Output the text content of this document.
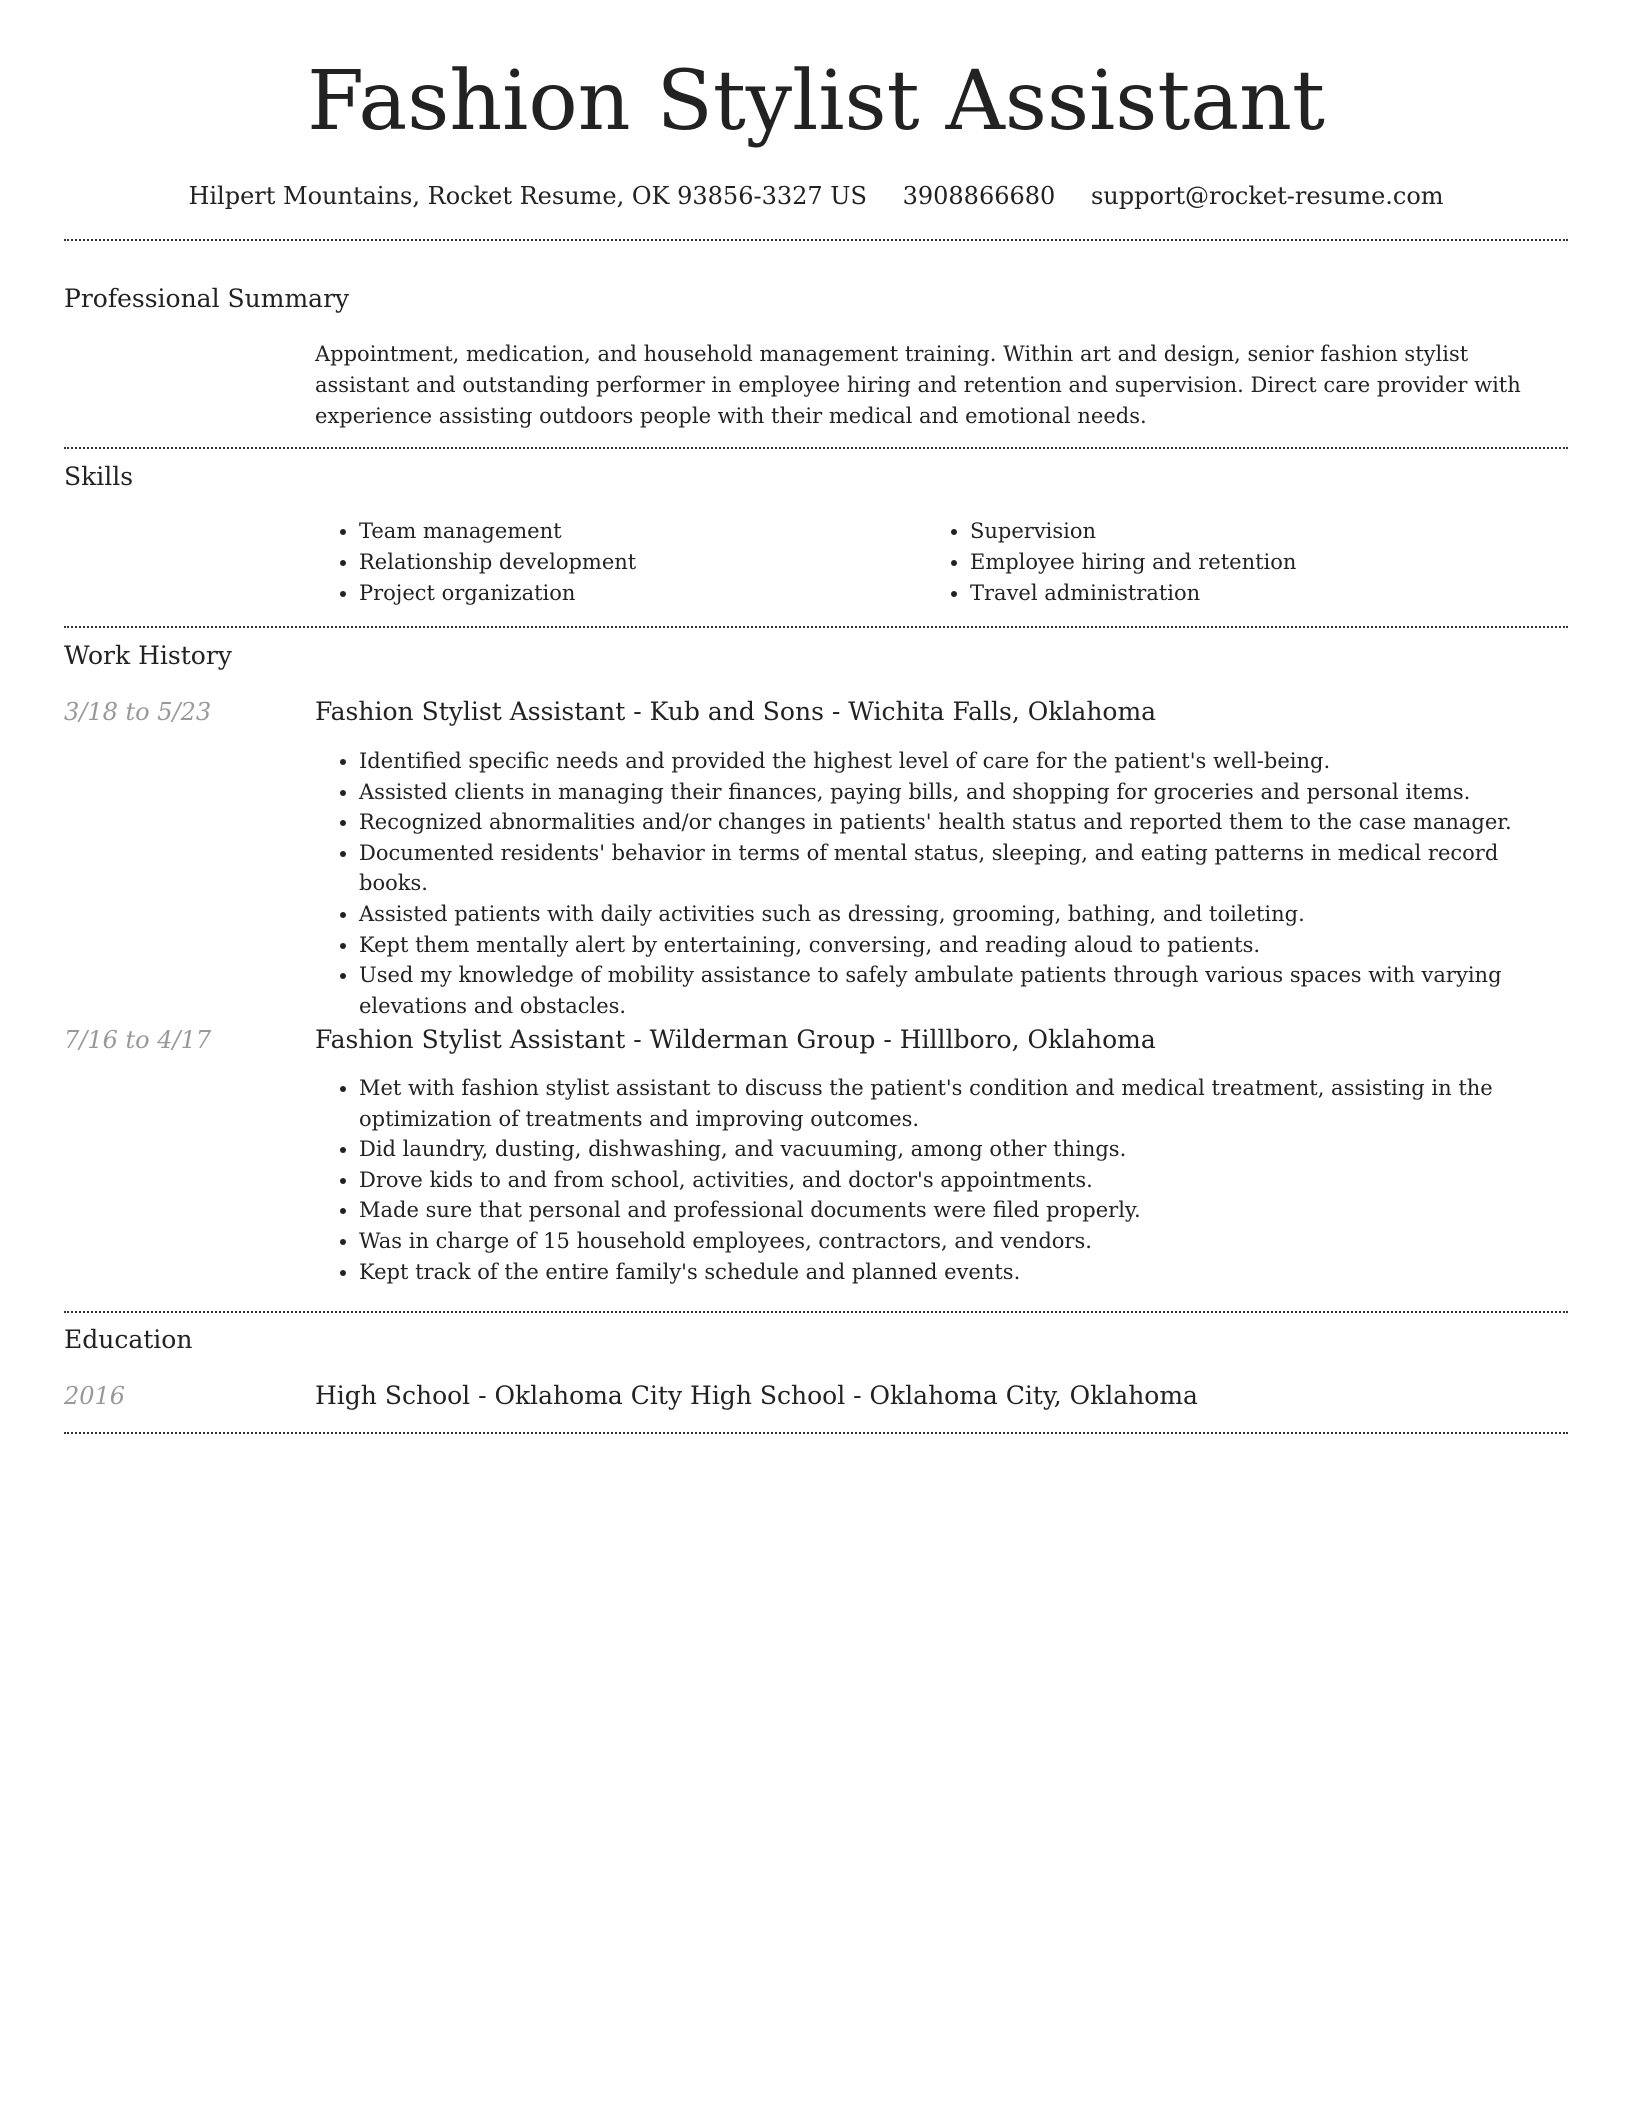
Fashion Stylist Assistant
Hilpert Mountains, Rocket Resume, OK 93856-3327 US 3908866680 support@rocket-resume.com
Professional Summary
Appointment, medication, and household management training. Within art and design, senior fashion stylist assistant and outstanding performer in employee hiring and retention and supervision. Direct care provider with experience assisting outdoors people with their medical and emotional needs.
Skills
• Team management
• Relationship development
• Project organization
• Supervision
• Employee hiring and retention
• Travel administration
Work History
3/18 to 5/23	Fashion Stylist Assistant - Kub and Sons - Wichita Falls, Oklahoma
• Identified specific needs and provided the highest level of care for the patient's well-being.
• Assisted clients in managing their finances, paying bills, and shopping for groceries and personal items.
• Recognized abnormalities and/or changes in patients' health status and reported them to the case manager.
• Documented residents' behavior in terms of mental status, sleeping, and eating patterns in medical record books.
• Assisted patients with daily activities such as dressing, grooming, bathing, and toileting.
• Kept them mentally alert by entertaining, conversing, and reading aloud to patients.
• Used my knowledge of mobility assistance to safely ambulate patients through various spaces with varying elevations and obstacles.
7/16 to 4/17	Fashion Stylist Assistant - Wilderman Group - Hilllboro, Oklahoma
• Met with fashion stylist assistant to discuss the patient's condition and medical treatment, assisting in the optimization of treatments and improving outcomes.
• Did laundry, dusting, dishwashing, and vacuuming, among other things.
• Drove kids to and from school, activities, and doctor's appointments.
• Made sure that personal and professional documents were filed properly.
• Was in charge of 15 household employees, contractors, and vendors.
• Kept track of the entire family's schedule and planned events.
Education
2016	High School - Oklahoma City High School - Oklahoma City, Oklahoma
